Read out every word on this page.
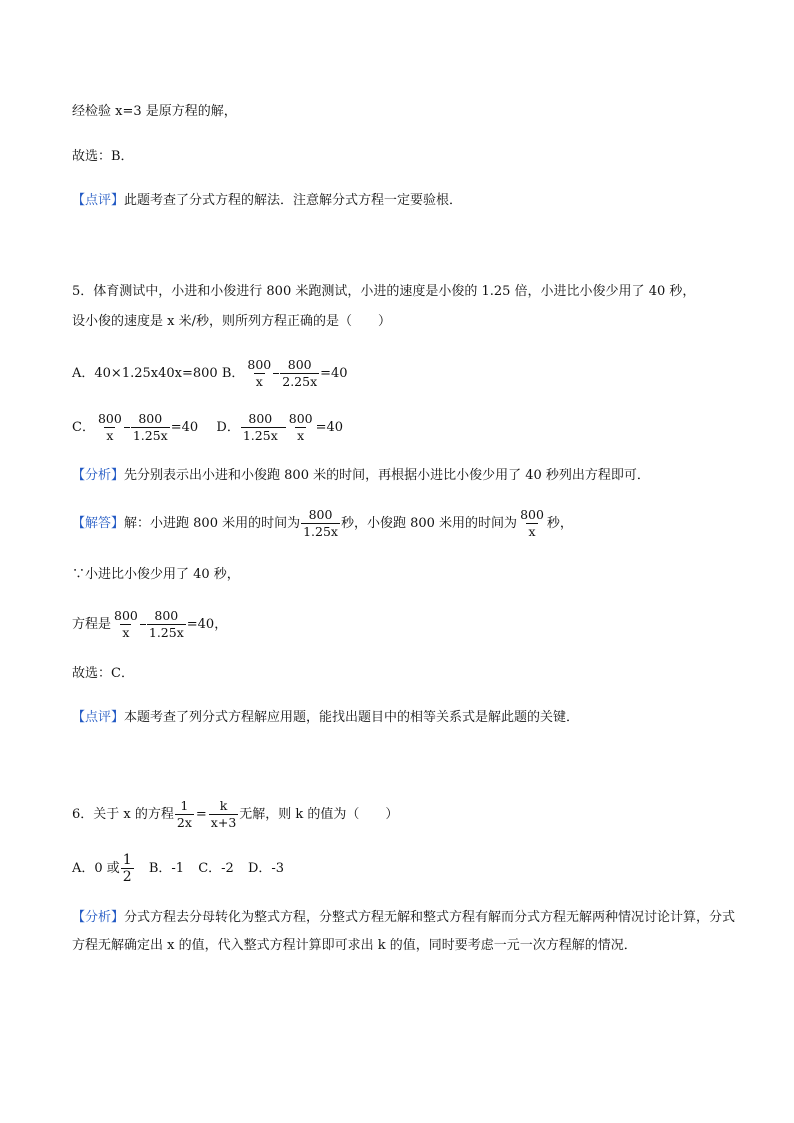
经检验 x=3 是原方程的解，
故选：B．
【点评】此题考查了分式方程的解法．注意解分式方程一定要验根．
5．体育测试中，小进和小俊进行 800 米跑测试，小进的速度是小俊的 1.25 倍，小进比小俊少用了 40 秒，
设小俊的速度是 x 米/秒，则所列方程正确的是（　　）
A．40×1.25x40x=800 B． $\frac{800}{x} \frac{800}{2.25x} =40$
C． $\frac{800}{x} \frac{800}{1.25x} =40$ D． $\frac{800}{1.25x} \frac{800}{x} =40$
【分析】先分别表示出小进和小俊跑 800 米的时间，再根据小进比小俊少用了 40 秒列出方程即可．
【解答】解：小进跑 800 米用的时间为 $\frac{800}{1.25x}$ 秒，小俊跑 800 米用的时间为 $\frac{800}{x}$ 秒，
∵小进比小俊少用了 40 秒，
方程是 $\frac{800}{x} \frac{800}{1.25x} =40$，
故选：C．
【点评】本题考查了列分式方程解应用题，能找出题目中的相等关系式是解此题的关键．
6．关于 x 的方程 $\frac{1}{2x} = \frac{k}{x+3}$ 无解，则 k 的值为（　　）
A．0 或 $\frac{1}{2}$ B．-1 C．-2 D．-3
【分析】分式方程去分母转化为整式方程，分整式方程无解和整式方程有解而分式方程无解两种情况讨论计算，分式方程无解确定出 x 的值，代入整式方程计算即可求出 k 的值，同时要考虑一元一次方程解的情况．
